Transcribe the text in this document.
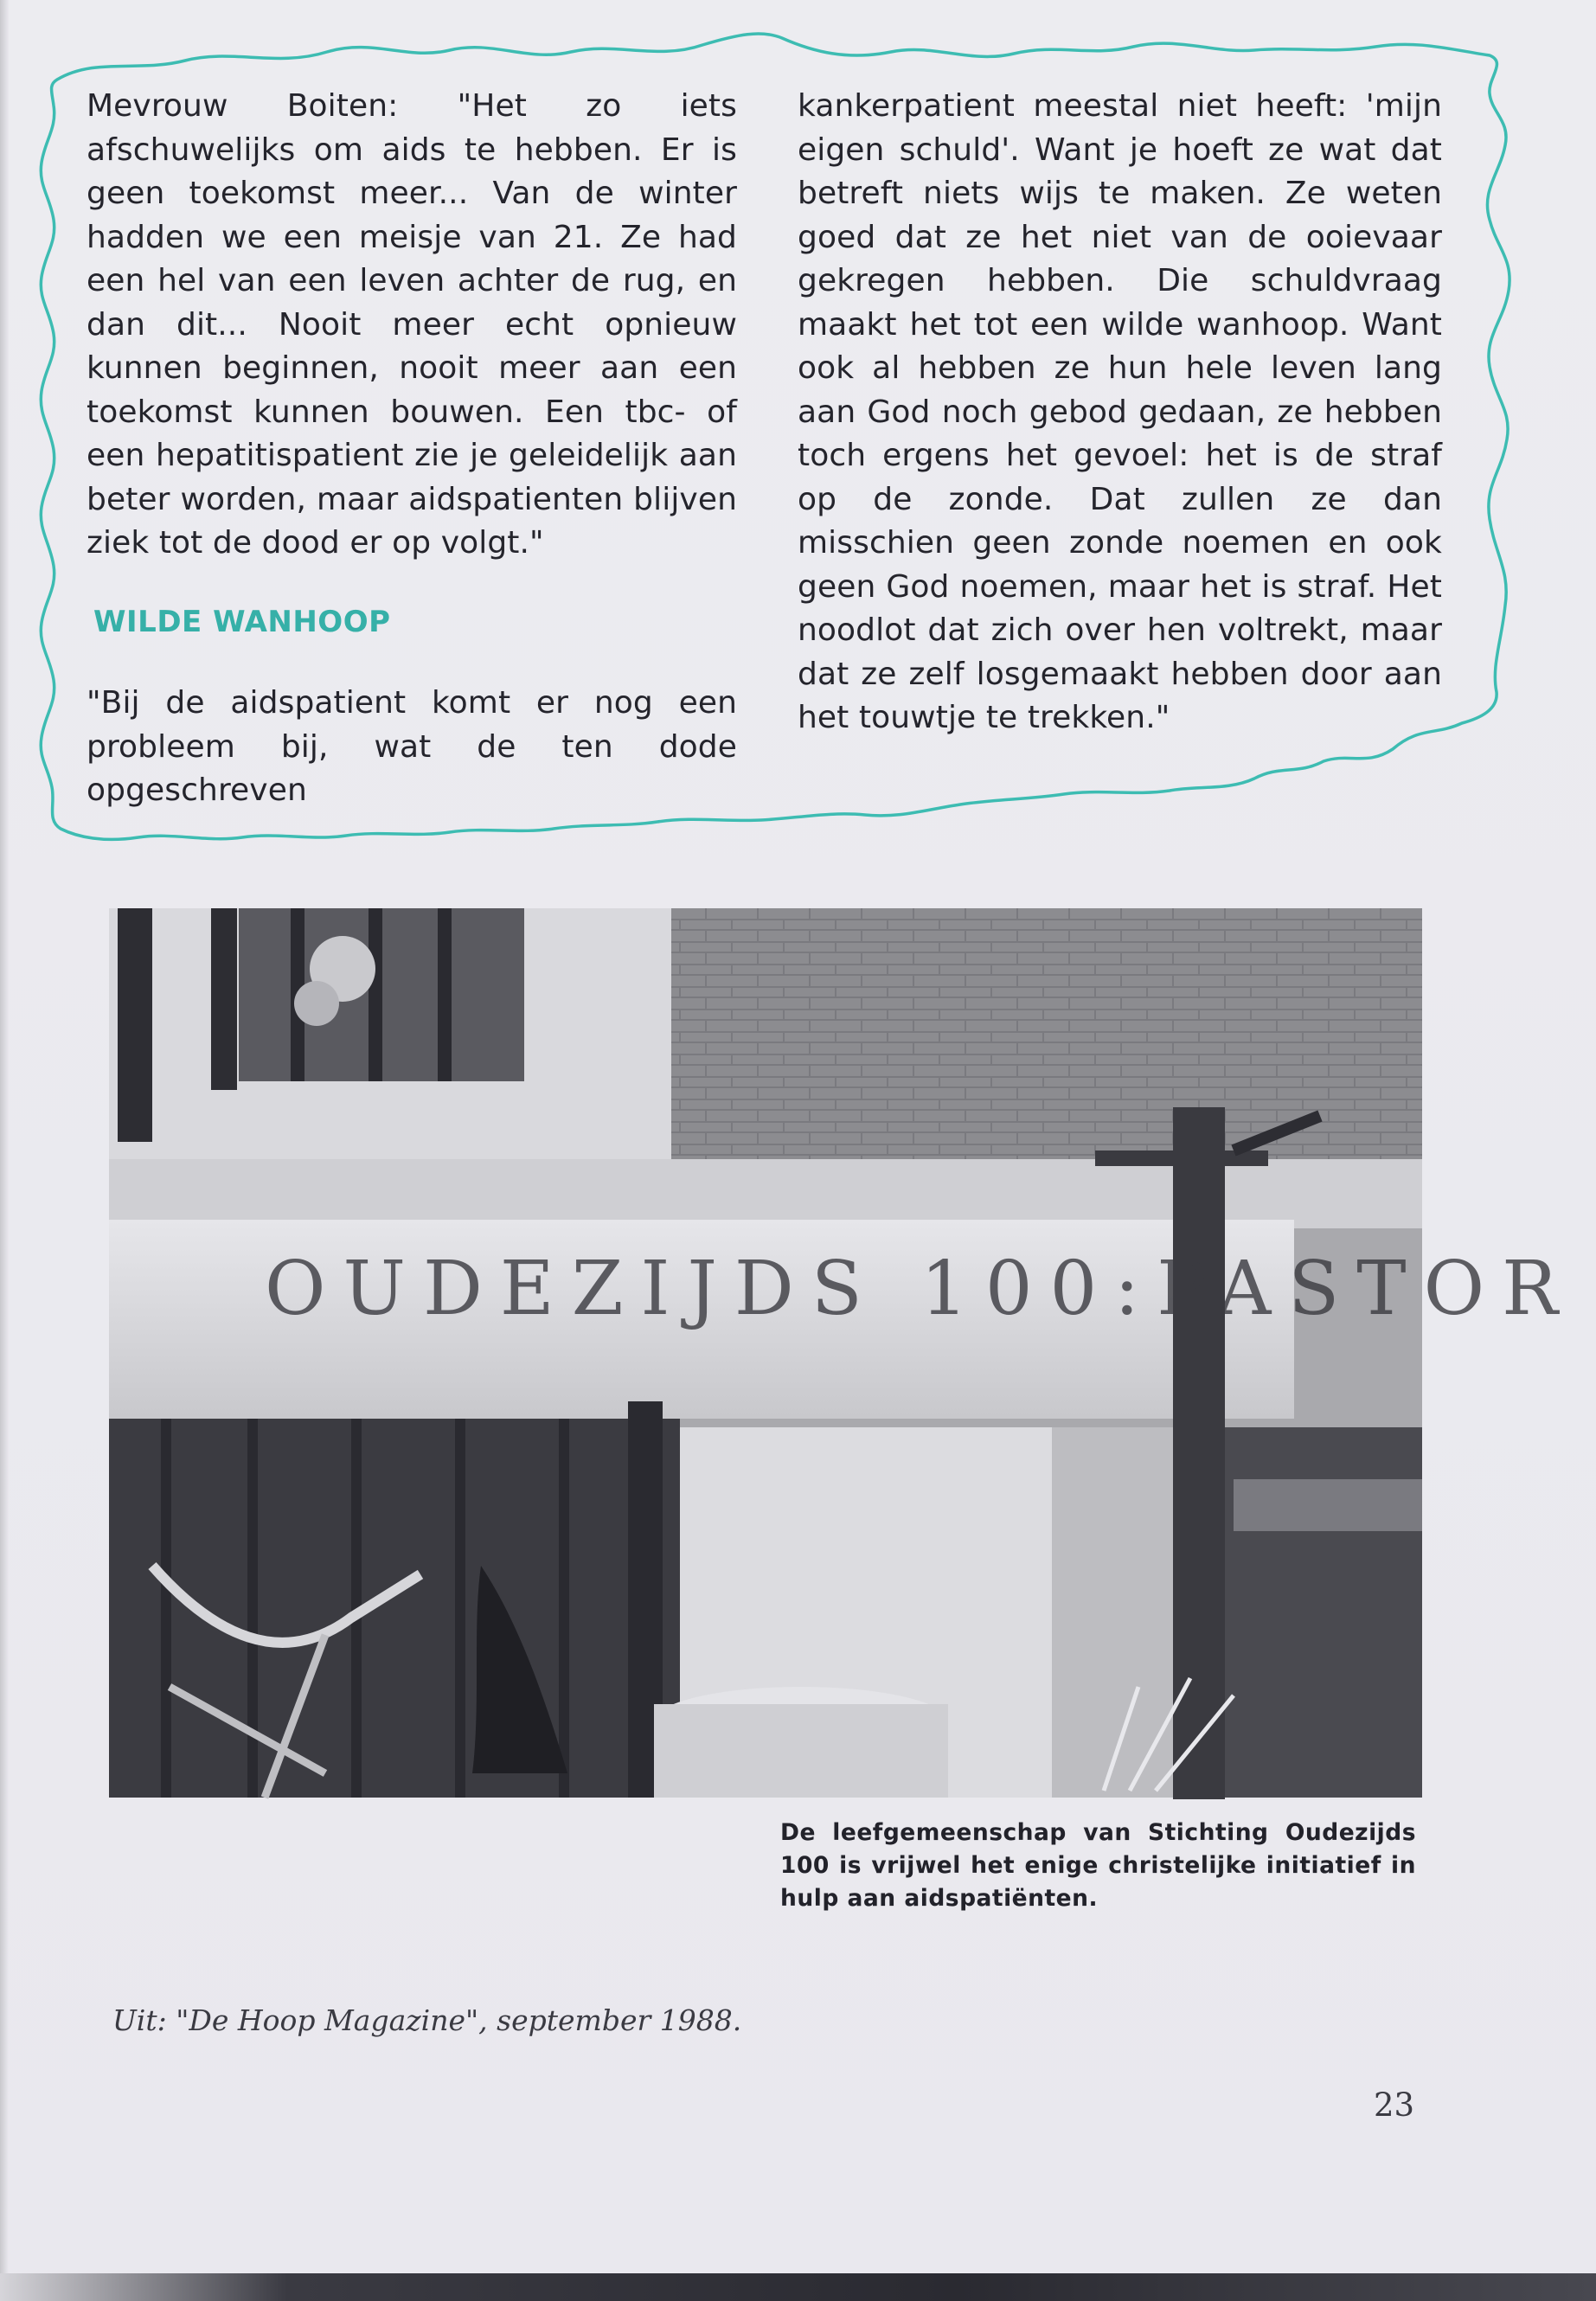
Mevrouw Boiten: "Het zo iets afschuwelijks om aids te hebben. Er is geen toekomst meer... Van de winter hadden we een meisje van 21. Ze had een hel van een leven achter de rug, en dan dit... Nooit meer echt opnieuw kunnen beginnen, nooit meer aan een toekomst kunnen bouwen. Een tbc- of een hepatitispatient zie je geleidelijk aan beter worden, maar aidspatienten blijven ziek tot de dood er op volgt."

WILDE WANHOOP

"Bij de aidspatient komt er nog een probleem bij, wat de ten dode opgeschreven

kankerpatient meestal niet heeft: 'mijn eigen schuld'. Want je hoeft ze wat dat betreft niets wijs te maken. Ze weten goed dat ze het niet van de ooievaar gekregen hebben. Die schuldvraag maakt het tot een wilde wanhoop. Want ook al hebben ze hun hele leven lang aan God noch gebod gedaan, ze hebben toch ergens het gevoel: het is de straf op de zonde. Dat zullen ze dan misschien geen zonde noemen en ook geen God noemen, maar het is straf. Het noodlot dat zich over hen voltrekt, maar dat ze zelf losgemaakt hebben door aan het touwtje te trekken."

OUDEZIJDS 100:PASTOR
De leefgemeenschap van Stichting Oudezijds 100 is vrijwel het enige christelijke initiatief in hulp aan aidspatiënten.
Uit: "De Hoop Magazine", september 1988.
23
